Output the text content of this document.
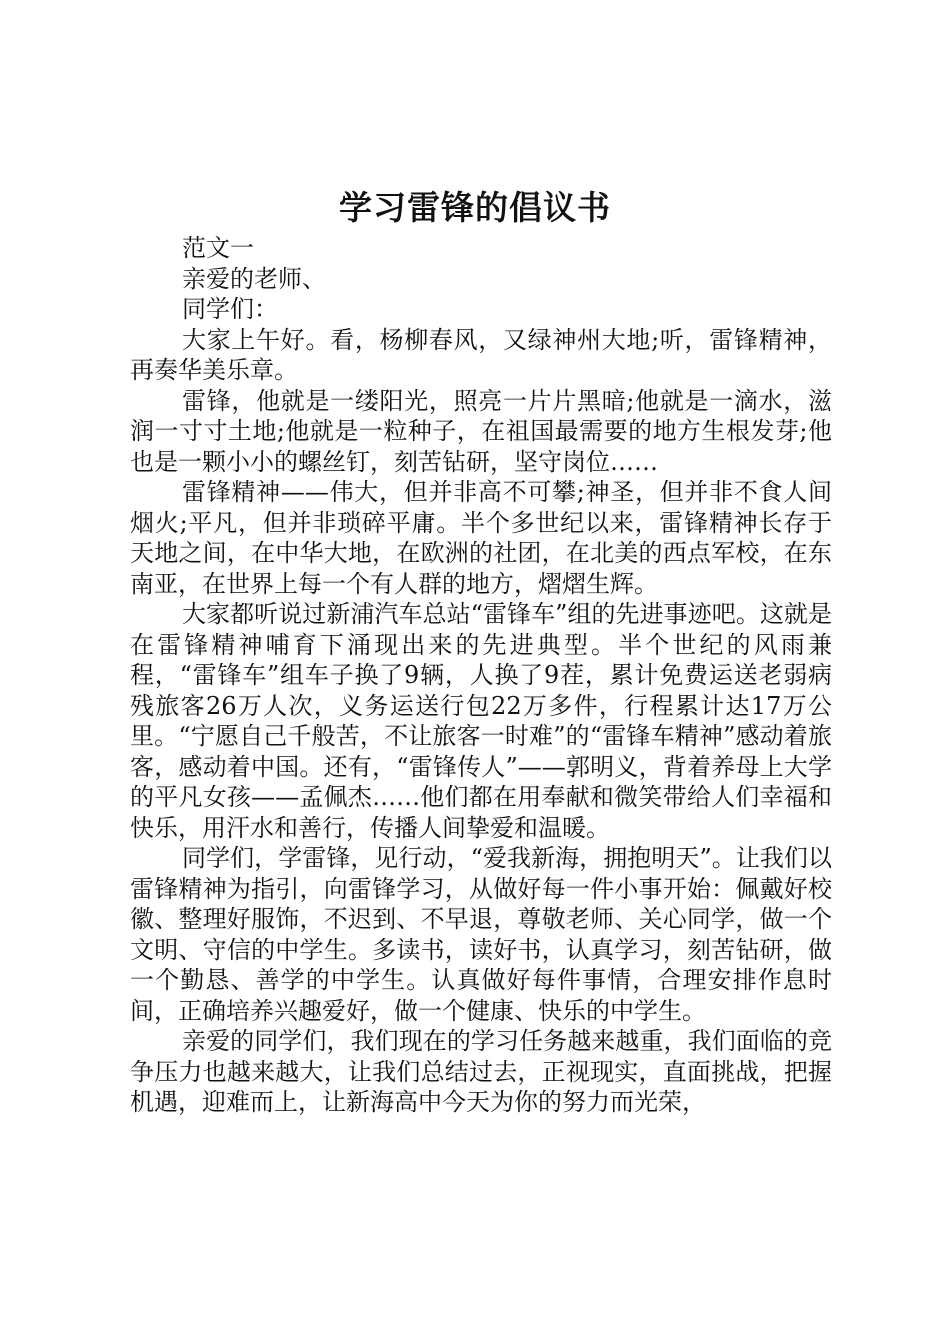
学习雷锋的倡议书

范文一

亲爱的老师、

同学们：

大家上午好。看，杨柳春风，又绿神州大地;听，雷锋精神，再奏华美乐章。

雷锋，他就是一缕阳光，照亮一片片黑暗;他就是一滴水，滋润一寸寸土地;他就是一粒种子，在祖国最需要的地方生根发芽;他也是一颗小小的螺丝钉，刻苦钻研，坚守岗位……

雷锋精神——伟大，但并非高不可攀;神圣，但并非不食人间烟火;平凡，但并非琐碎平庸。半个多世纪以来，雷锋精神长存于天地之间，在中华大地，在欧洲的社团，在北美的西点军校，在东南亚，在世界上每一个有人群的地方，熠熠生辉。

大家都听说过新浦汽车总站“雷锋车”组的先进事迹吧。这就是在雷锋精神哺育下涌现出来的先进典型。半个世纪的风雨兼程，“雷锋车”组车子换了9辆，人换了9茬，累计免费运送老弱病残旅客26万人次，义务运送行包22万多件，行程累计达17万公里。“宁愿自己千般苦，不让旅客一时难”的“雷锋车精神”感动着旅客，感动着中国。还有，“雷锋传人”——郭明义，背着养母上大学的平凡女孩——孟佩杰……他们都在用奉献和微笑带给人们幸福和快乐，用汗水和善行，传播人间挚爱和温暖。

同学们，学雷锋，见行动，“爱我新海，拥抱明天”。让我们以雷锋精神为指引，向雷锋学习，从做好每一件小事开始：佩戴好校徽、整理好服饰，不迟到、不早退，尊敬老师、关心同学，做一个文明、守信的中学生。多读书，读好书，认真学习，刻苦钻研，做一个勤恳、善学的中学生。认真做好每件事情，合理安排作息时间，正确培养兴趣爱好，做一个健康、快乐的中学生。

亲爱的同学们，我们现在的学习任务越来越重，我们面临的竞争压力也越来越大，让我们总结过去，正视现实，直面挑战，把握机遇，迎难而上，让新海高中今天为你的努力而光荣，
